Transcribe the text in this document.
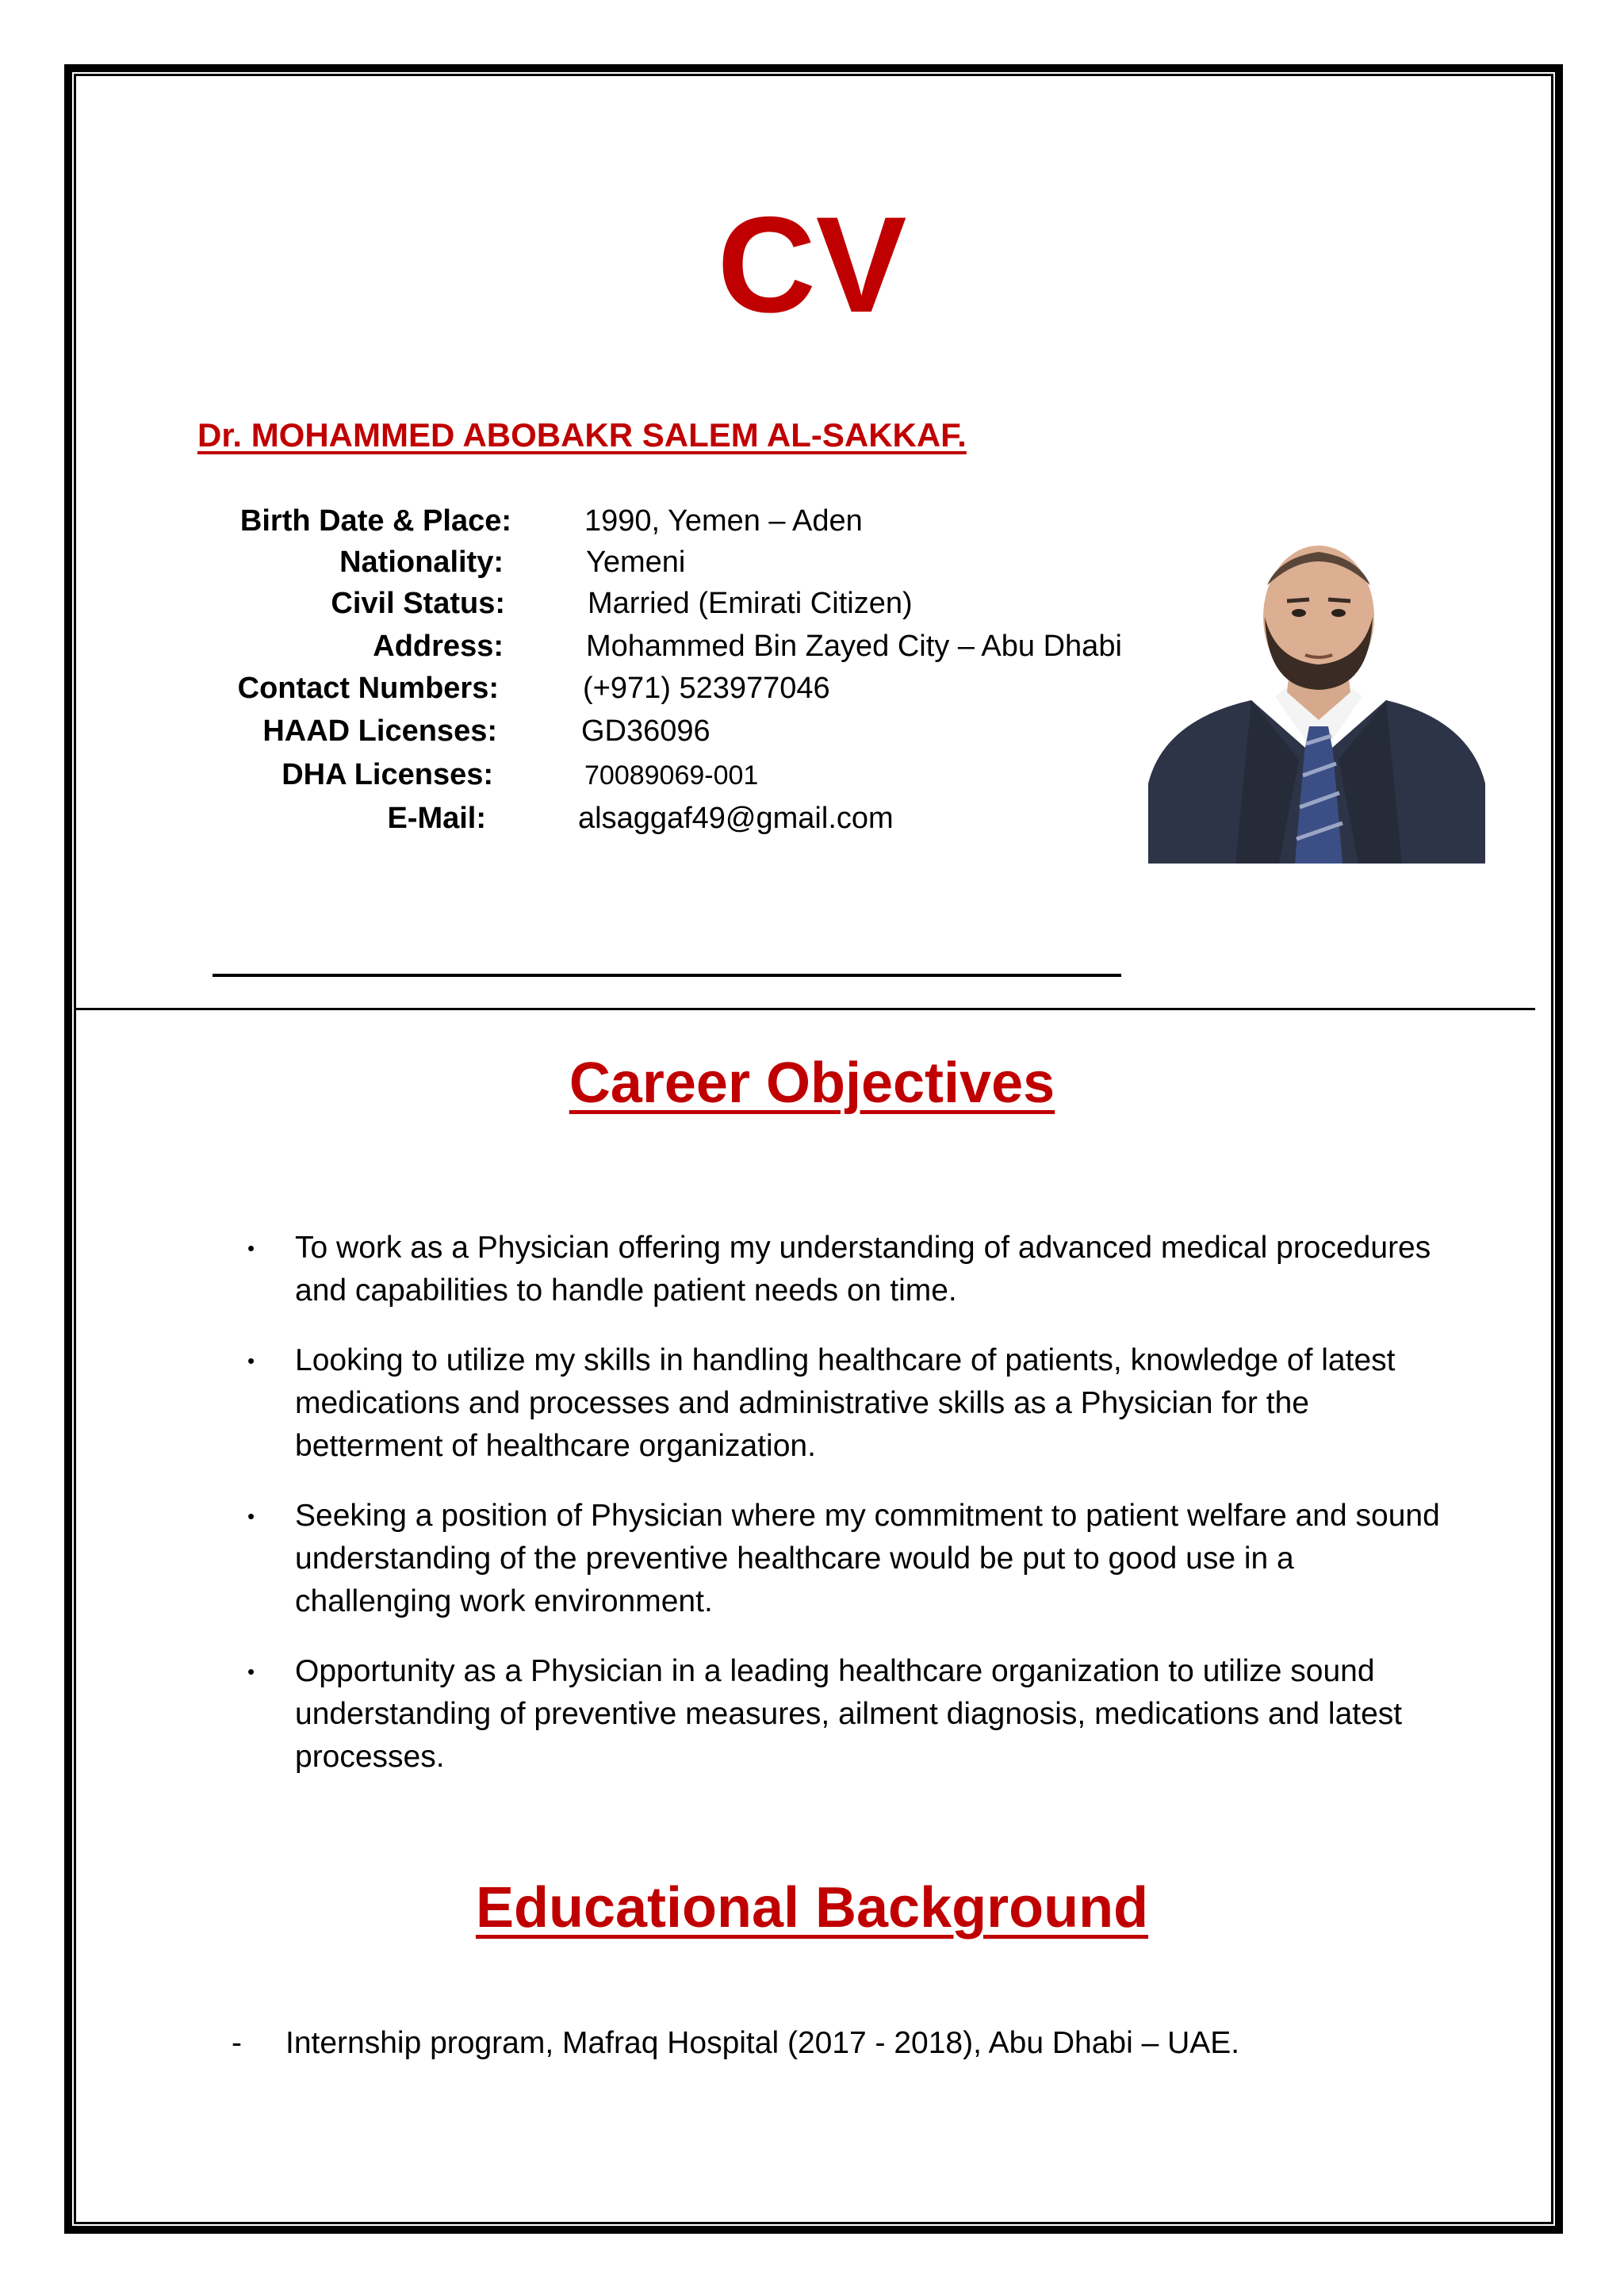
CV
Dr. MOHAMMED ABOBAKR SALEM AL-SAKKAF.
Birth Date & Place: 1990, Yemen – Aden
Nationality:	Yemeni
Civil Status:	Married (Emirati Citizen)
Address:	Mohammed Bin Zayed City – Abu Dhabi
Contact Numbers:	(+971) 523977046
HAAD Licenses:	GD36096
DHA Licenses:	70089069-001
E-Mail:	alsaggaf49@gmail.com
Career Objectives
• To work as a Physician offering my understanding of advanced medical procedures and capabilities to handle patient needs on time.
• Looking to utilize my skills in handling healthcare of patients, knowledge of latest medications and processes and administrative skills as a Physician for the betterment of healthcare organization.
• Seeking a position of Physician where my commitment to patient welfare and sound understanding of the preventive healthcare would be put to good use in a challenging work environment.
• Opportunity as a Physician in a leading healthcare organization to utilize sound understanding of preventive measures, ailment diagnosis, medications and latest processes.
Educational Background
- Internship program, Mafraq Hospital (2017 - 2018), Abu Dhabi – UAE.
